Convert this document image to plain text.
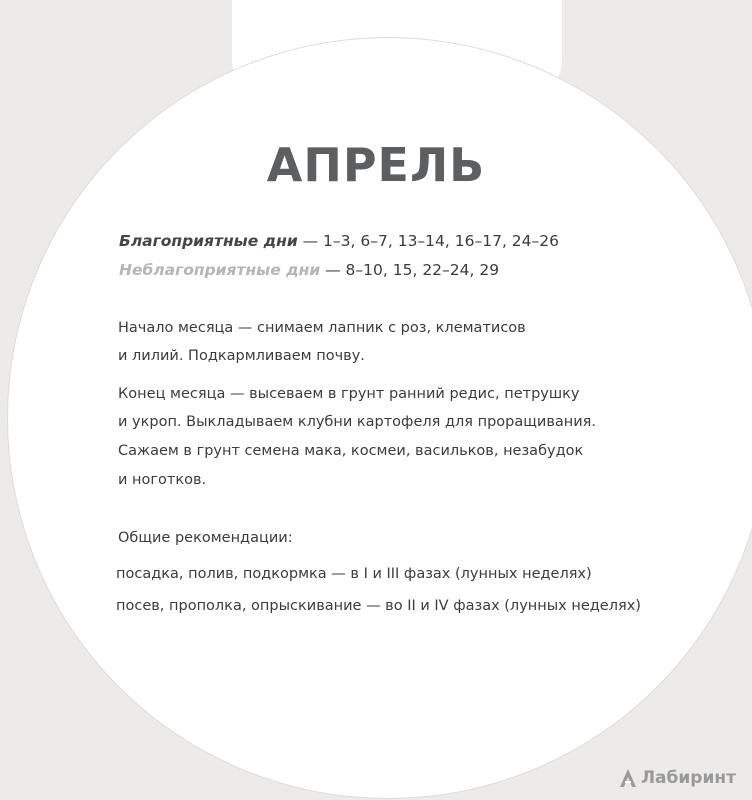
АПРЕЛЬ
Благоприятные дни — 1–3, 6–7, 13–14, 16–17, 24–26
Неблагоприятные дни — 8–10, 15, 22–24, 29
Начало месяца — снимаем лапник с роз, клематисов
и лилий. Подкармливаем почву.
Конец месяца — высеваем в грунт ранний редис, петрушку
и укроп. Выкладываем клубни картофеля для проращивания.
Сажаем в грунт семена мака, космеи, васильков, незабудок
и ноготков.
Общие рекомендации:
посадка, полив, подкормка — в I и III фазах (лунных неделях)
посев, прополка, опрыскивание — во II и IV фазах (лунных неделях)
Лабиринт
